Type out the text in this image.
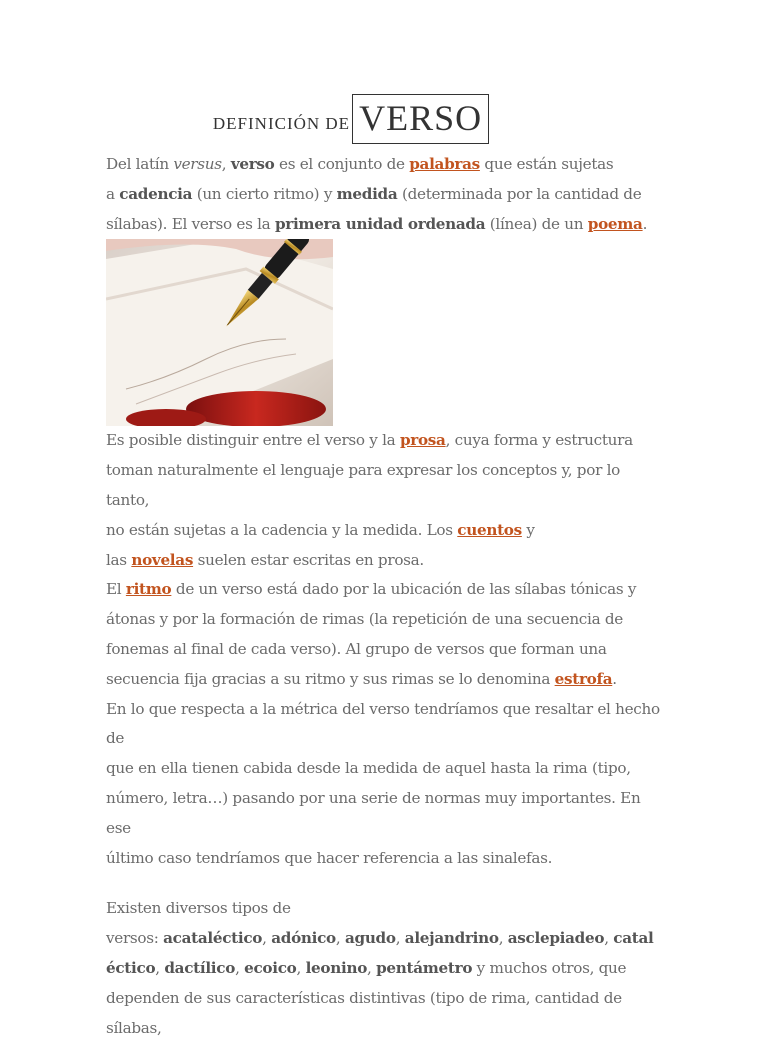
DEFINICIÓN DE VERSO

Del latín versus, verso es el conjunto de palabras que están sujetas
a cadencia (un cierto ritmo) y medida (determinada por la cantidad de
sílabas). El verso es la primera unidad ordenada (línea) de un poema.

Es posible distinguir entre el verso y la prosa, cuya forma y estructura
toman naturalmente el lenguaje para expresar los conceptos y, por lo tanto,
no están sujetas a la cadencia y la medida. Los cuentos y
las novelas suelen estar escritas en prosa.

El ritmo de un verso está dado por la ubicación de las sílabas tónicas y
átonas y por la formación de rimas (la repetición de una secuencia de
fonemas al final de cada verso). Al grupo de versos que forman una
secuencia fija gracias a su ritmo y sus rimas se lo denomina estrofa.

En lo que respecta a la métrica del verso tendríamos que resaltar el hecho de
que en ella tienen cabida desde la medida de aquel hasta la rima (tipo,
número, letra…) pasando por una serie de normas muy importantes. En ese
último caso tendríamos que hacer referencia a las sinalefas.

Existen diversos tipos de
versos: acataléctico, adónico, agudo, alejandrino, asclepiadeo, catal
éctico, dactílico, ecoico, leonino, pentámetro y muchos otros, que
dependen de sus características distintivas (tipo de rima, cantidad de sílabas,
